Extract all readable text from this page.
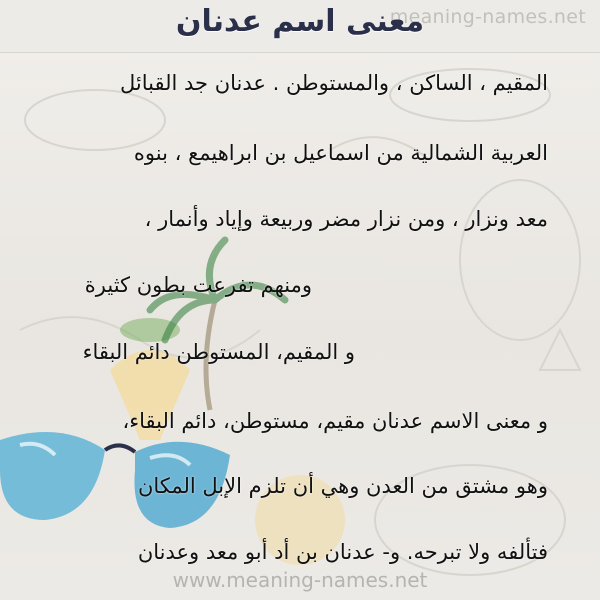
meaning-names.net
معنى اسم عدنان
المقيم ، الساكن ، والمستوطن . عدنان جد القبائل
العربية الشمالية من اسماعيل بن ابراهيمع ، بنوه
معد ونزار ، ومن نزار مضر وربيعة وإياد وأنمار ،
ومنهم تفرعت بطون كثيرة
و المقيم، المستوطن دائم البقاء
و معنى الاسم عدنان مقيم، مستوطن، دائم البقاء،
وهو مشتق من العدن وهي أن تلزم الإبل المكان
فتألفه ولا تبرحه. و- عدنان بن أد أبو معد وعدنان
www.meaning-names.net
